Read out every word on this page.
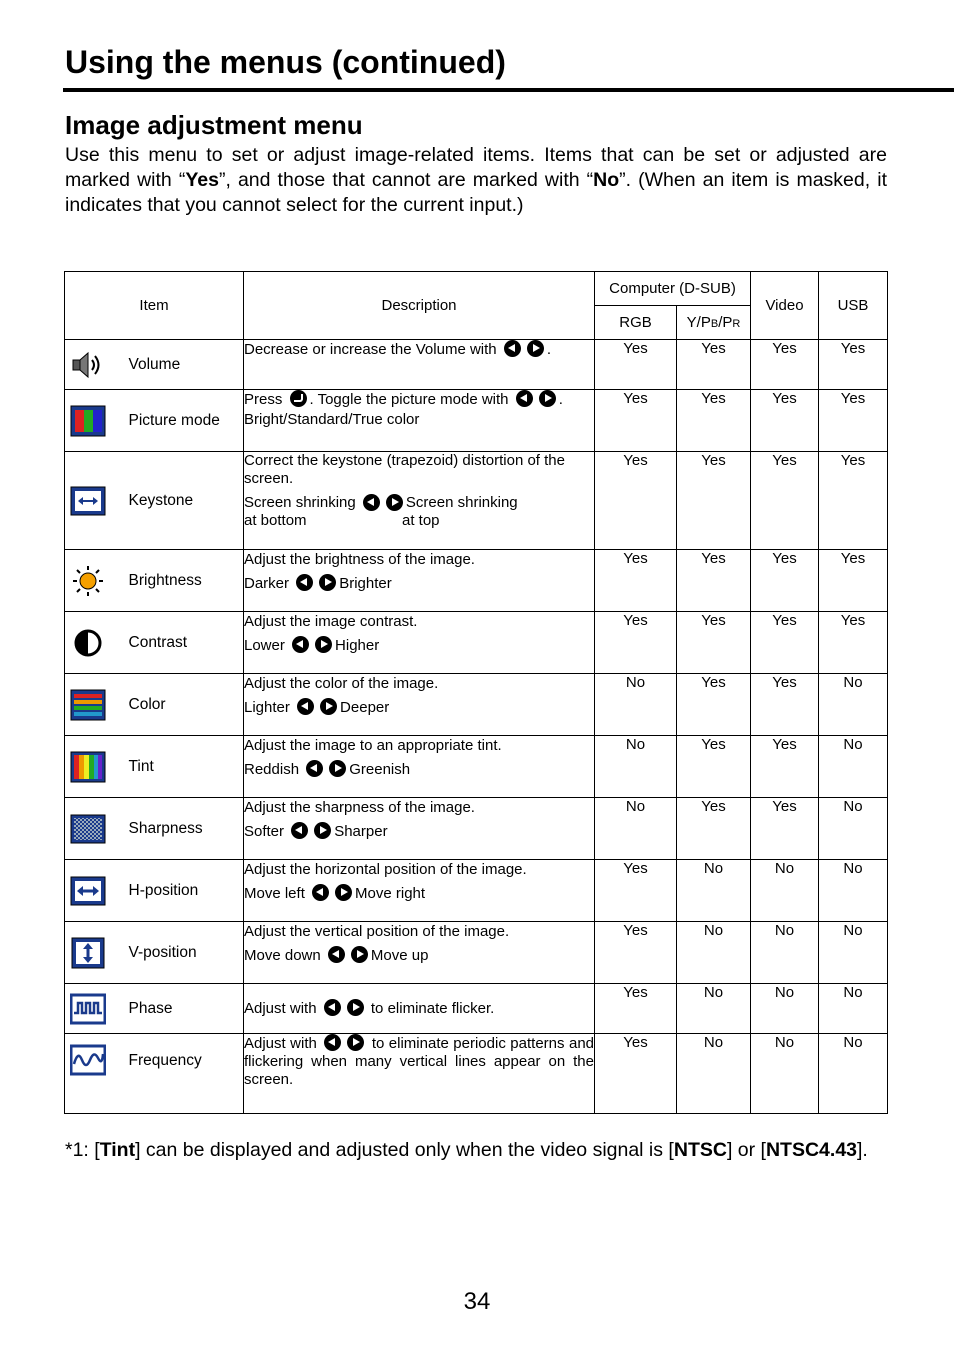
Using the menus (continued)
Image adjustment menu

Use this menu to set or adjust image-related items. Items that can be set or adjusted are marked with “Yes”, and those that cannot are marked with “No”. (When an item is masked, it indicates that you cannot select for the current input.)

Item		Description	Computer (D-SUB)		Video	USB
			RGB	Y/PB/PR		

	Volume	Decrease or increase the Volume with .	Yes	Yes	Yes	Yes

	Picture mode	Press . Toggle the picture mode with .
Bright/Standard/True color	Yes	Yes	Yes	Yes

	Keystone	Correct the keystone (trapezoid) distortion of the screen.
Screen shrinking
Screen shrinking
at bottom at top	Yes	Yes	Yes	Yes

	Brightness	Adjust the brightness of the image.
Darker Brighter	Yes	Yes	Yes	Yes

	Contrast	Adjust the image contrast.
Lower Higher	Yes	Yes	Yes	Yes

	Color	Adjust the color of the image.
Lighter Deeper	No	Yes	Yes	No

	Tint	Adjust the image to an appropriate tint.
Reddish Greenish	No	Yes	Yes	No

	Sharpness	Adjust the sharpness of the image.
Softer Sharper	No	Yes	Yes	No

	H-position	Adjust the horizontal position of the image.
Move left Move right	Yes	No	No	No

	V-position	Adjust the vertical position of the image.
Move down Move up	Yes	No	No	No

	Phase	Adjust with to eliminate flicker.	Yes	No	No	No

	Frequency	Adjust with to eliminate periodic patterns and flickering when many vertical lines appear on the screen.	Yes	No	No	No

*1: [Tint] can be displayed and adjusted only when the video signal is [NTSC] or [NTSC4.43].

34
